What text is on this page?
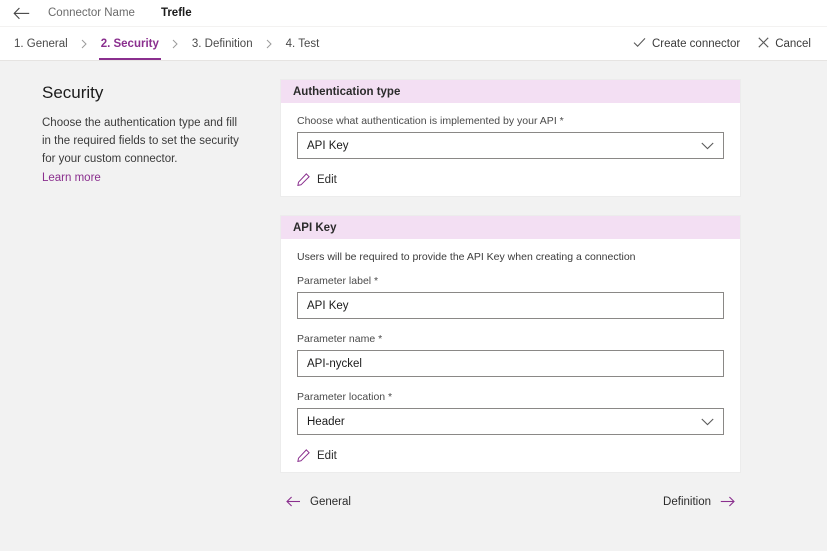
Connector Name Trefle
1. General	2. Security	3. Definition	4. Test	Create connector	Cancel
Security

Choose the authentication type and fill in the required fields to set the security for your custom connector.

Learn more
Authentication type
Choose what authentication is implemented by your API *
API Key
Edit
API Key
Users will be required to provide the API Key when creating a connection
Parameter label *
API Key
Parameter name *
API-nyckel
Parameter location *
Header
Edit
General	Definition
